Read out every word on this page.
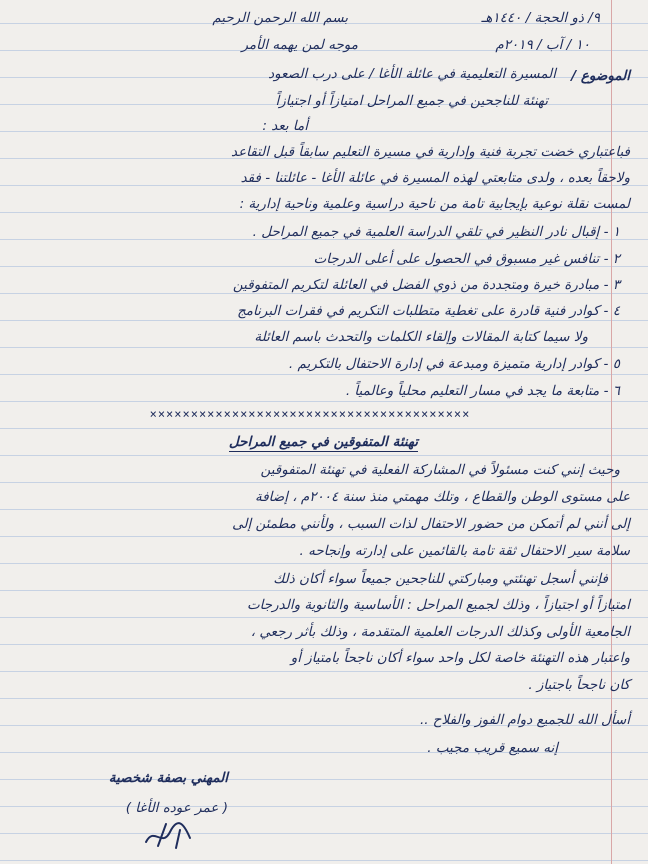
بسم الله الرحمن الرحيم	٩/ ذو الحجة / ١٤٤٠هـ
موجه لمن يهمه الأمر	١٠ / آب / ٢٠١٩م
الموضوع /
المسيرة التعليمية في عائلة الأغا / على درب الصعود
تهنئة للناجحين في جميع المراحل امتيازاً أو اجتيازاً
أما بعد :
فباعتباري خضت تجربة فنية وإدارية في مسيرة التعليم سابقاً قبل التقاعد
ولاحقاً بعده ، ولدى متابعتي لهذه المسيرة في عائلة الأغا - عائلتنا - فقد
لمست نقلة نوعية بإيجابية تامة من ناحية دراسية وعلمية وناحية إدارية :
١ - إقبال نادر النظير في تلقي الدراسة العلمية في جميع المراحل .
٢ - تنافس غير مسبوق في الحصول على أعلى الدرجات
٣ - مبادرة خيرة ومتجددة من ذوي الفضل في العائلة لتكريم المتفوقين
٤ - كوادر فنية قادرة على تغطية متطلبات التكريم في فقرات البرنامج
ولا سيما كتابة المقالات وإلقاء الكلمات والتحدث باسم العائلة
٥ - كوادر إدارية متميزة ومبدعة في إدارة الاحتفال بالتكريم .
٦ - متابعة ما يجد في مسار التعليم محلياً وعالمياً .
×××××××××××××××××××××××××××××××××××××××
تهنئة المتفوقين في جميع المراحل
وحيث إنني كنت مسئولاً في المشاركة الفعلية في تهنئة المتفوقين
على مستوى الوطن والقطاع ، وتلك مهمتي منذ سنة ٢٠٠٤م ، إضافة
إلى أنني لم أتمكن من حضور الاحتفال لذات السبب ، ولأنني مطمئن إلى
سلامة سير الاحتفال ثقة تامة بالقائمين على إدارته وإنجاحه .
فإنني أسجل تهنئتي ومباركتي للناجحين جميعاً سواء أكان ذلك
امتيازاً أو اجتيازاً ، وذلك لجميع المراحل : الأساسية والثانوية والدرجات
الجامعية الأولى وكذلك الدرجات العلمية المتقدمة ، وذلك بأثر رجعي ،
واعتبار هذه التهنئة خاصة لكل واحد سواء أكان ناجحاً بامتياز أو
كان ناجحاً باجتياز .
أسأل الله للجميع دوام الفوز والفلاح ..
إنه سميع قريب مجيب .
المهني بصفة شخصية
( عمر عوده الأغا )
